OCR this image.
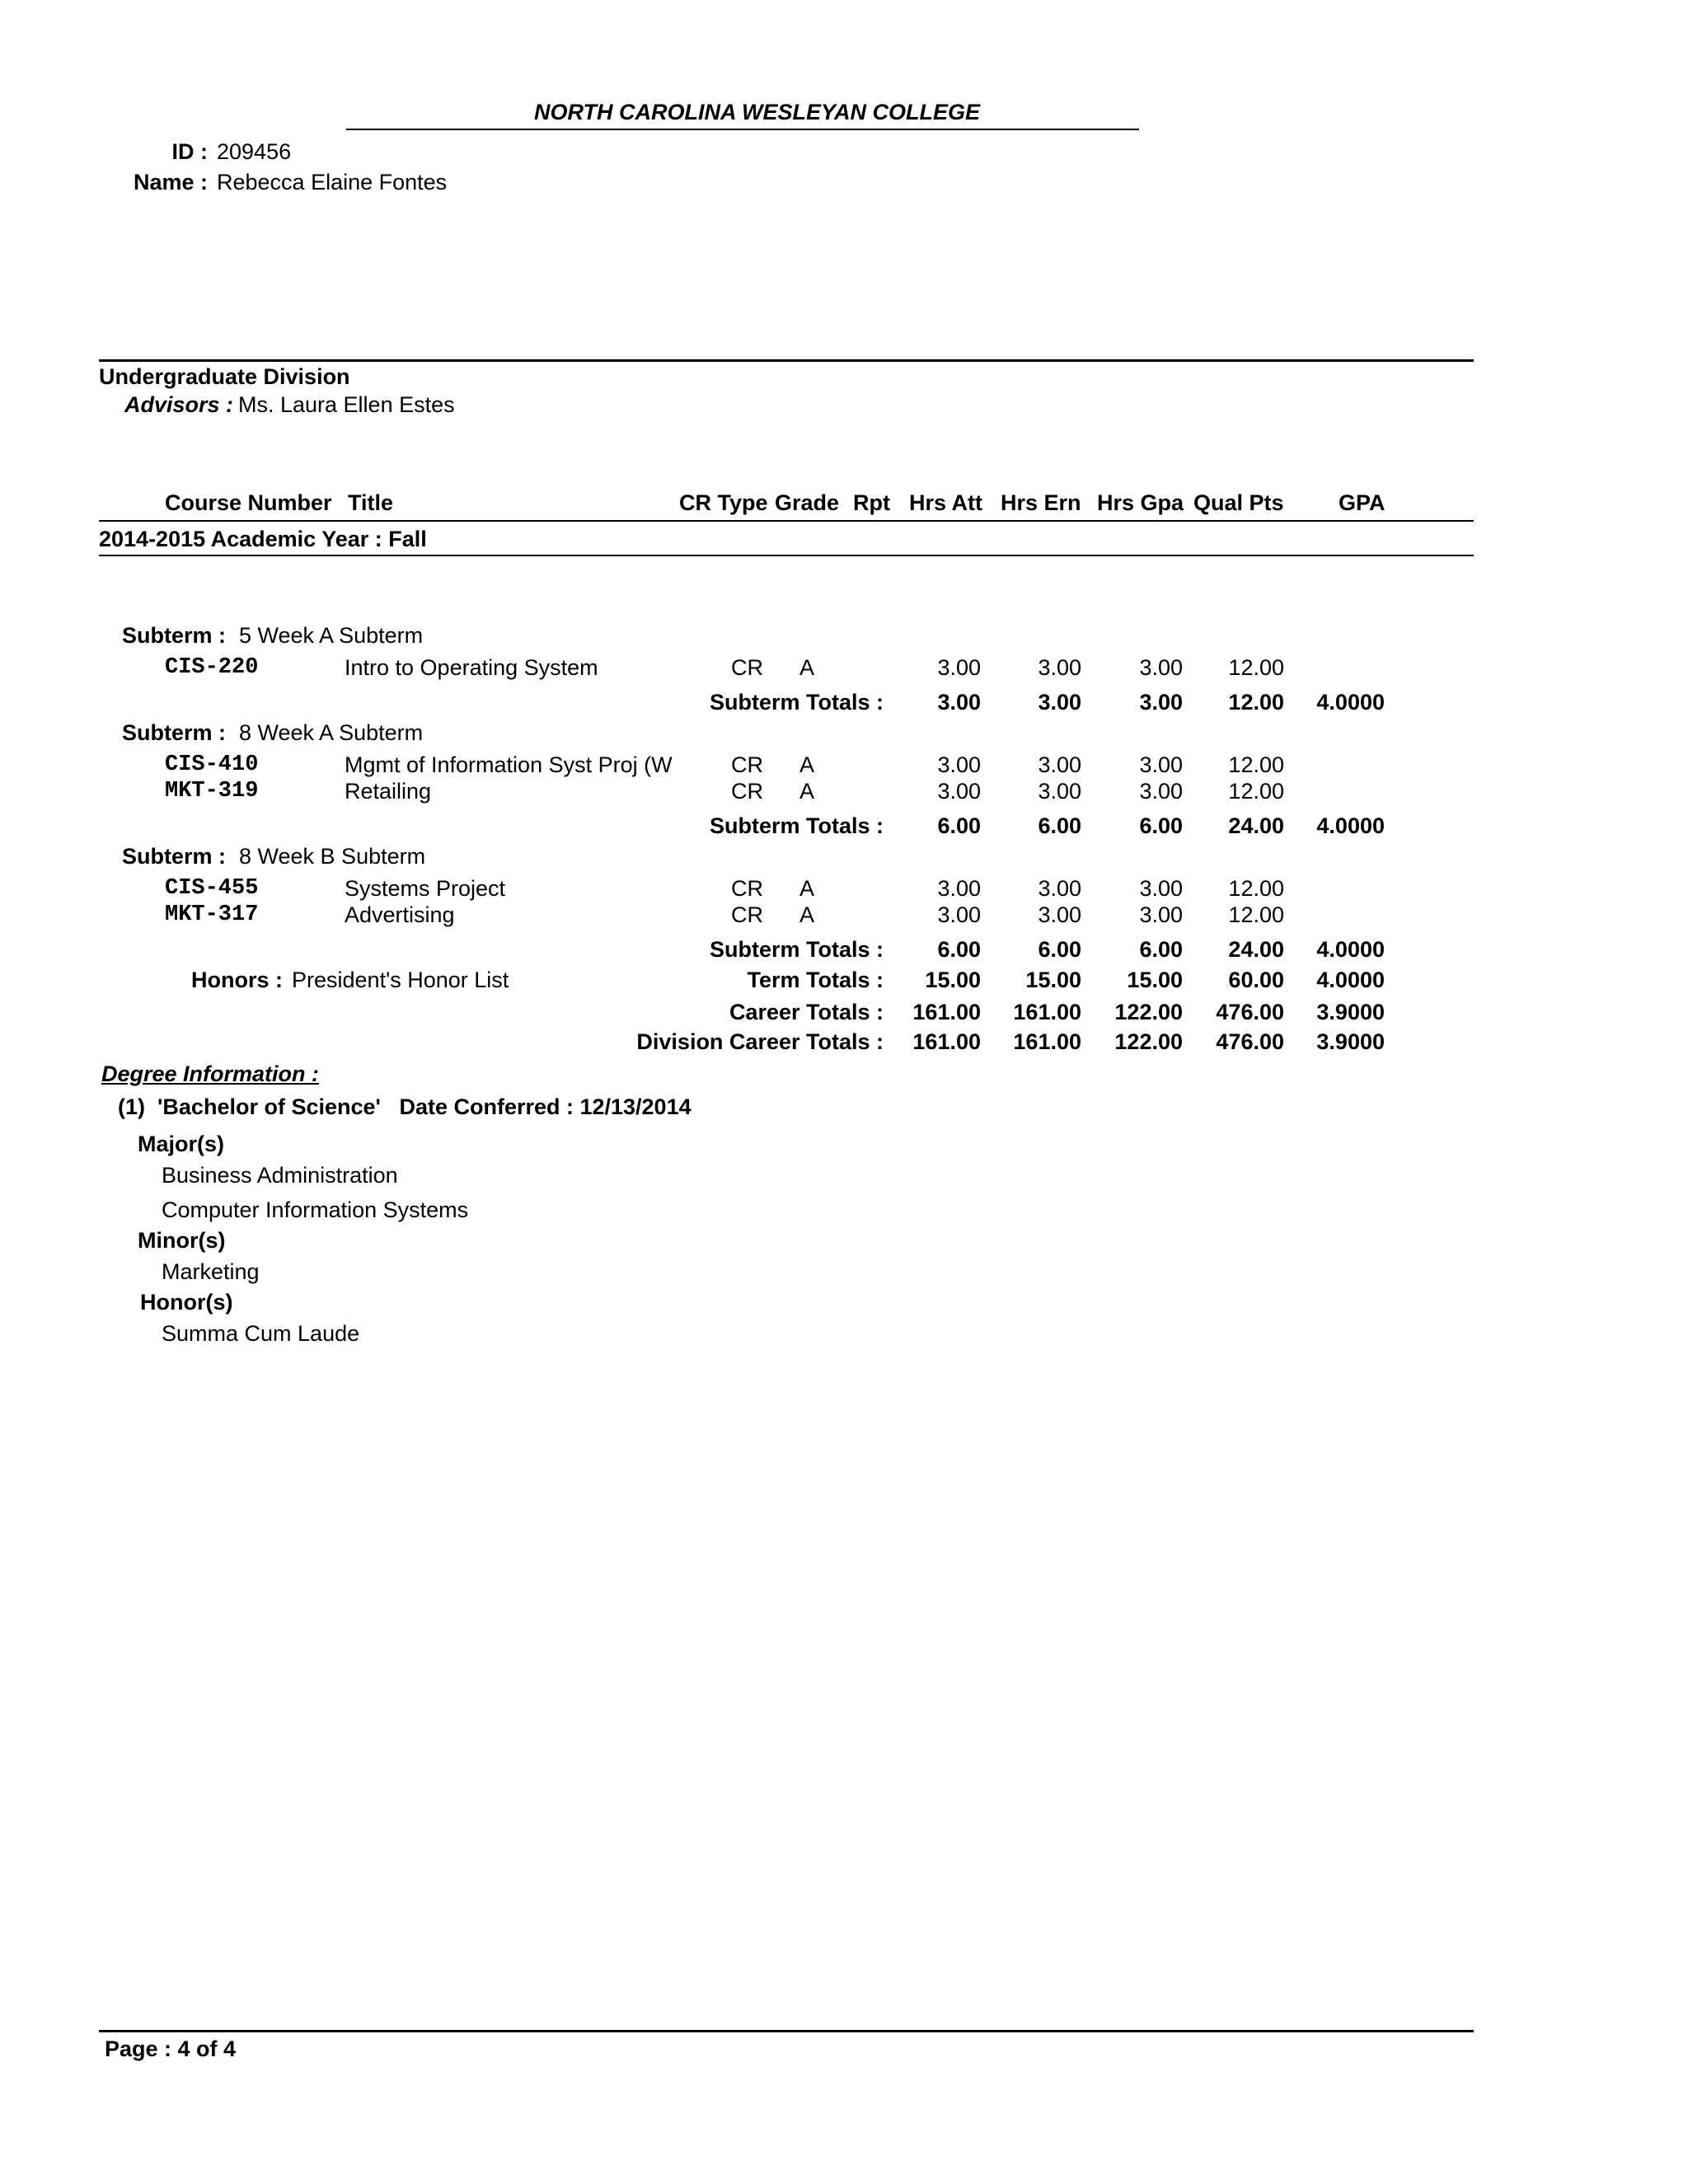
NORTH CAROLINA WESLEYAN COLLEGE
ID : 209456
Name : Rebecca Elaine Fontes
Undergraduate Division
Advisors : Ms. Laura Ellen Estes
Course Number Title	CR Type Grade Rpt Hrs Att Hrs Ern Hrs Gpa Qual Pts GPA
2014-2015 Academic Year : Fall
Subterm : 5 Week A Subterm
CIS-220	Intro to Operating System	CR A	3.00	3.00	3.00	12.00
Subterm Totals :	3.00	3.00	3.00	12.00	4.0000
Subterm : 8 Week A Subterm
CIS-410	Mgmt of Information Syst Proj (W	CR A	3.00	3.00	3.00	12.00
MKT-319	Retailing	CR A	3.00	3.00	3.00	12.00
Subterm Totals :	6.00	6.00	6.00	24.00	4.0000
Subterm : 8 Week B Subterm
CIS-455	Systems Project	CR A	3.00	3.00	3.00	12.00
MKT-317	Advertising	CR A	3.00	3.00	3.00	12.00
Subterm Totals :	6.00	6.00	6.00	24.00	4.0000
Honors : President's Honor List	Term Totals :	15.00	15.00	15.00	60.00	4.0000
Career Totals :	161.00	161.00	122.00	476.00	3.9000
Division Career Totals :	161.00	161.00	122.00	476.00	3.9000
Degree Information :
(1)  'Bachelor of Science'   Date Conferred : 12/13/2014
Major(s)
Business Administration
Computer Information Systems
Minor(s)
Marketing
Honor(s)
Summa Cum Laude
Page : 4 of 4
